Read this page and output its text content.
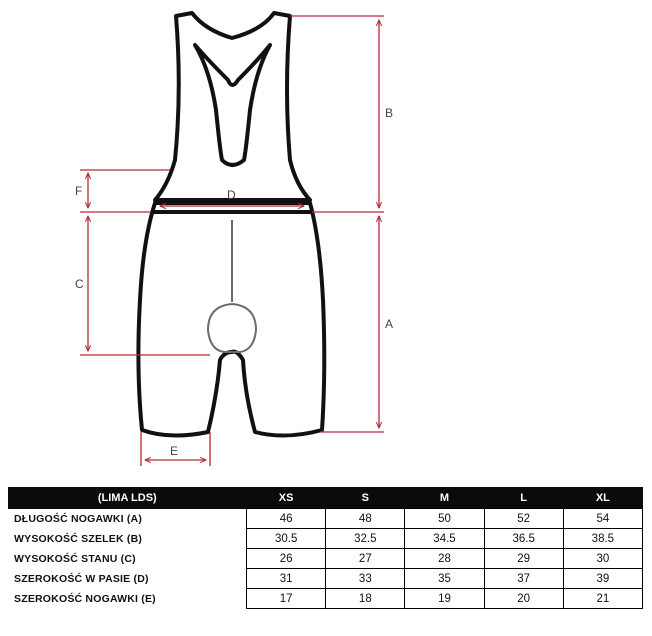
B
A
F
C
D
E
(LIMA LDS)	XS	S	M	L	XL
DŁUGOŚĆ NOGAWKI (A)	46	48	50	52	54
WYSOKOŚĆ SZELEK (B)	30.5	32.5	34.5	36.5	38.5
WYSOKOŚĆ STANU (C)	26	27	28	29	30
SZEROKOŚĆ W PASIE (D)	31	33	35	37	39
SZEROKOŚĆ NOGAWKI (E)	17	18	19	20	21
